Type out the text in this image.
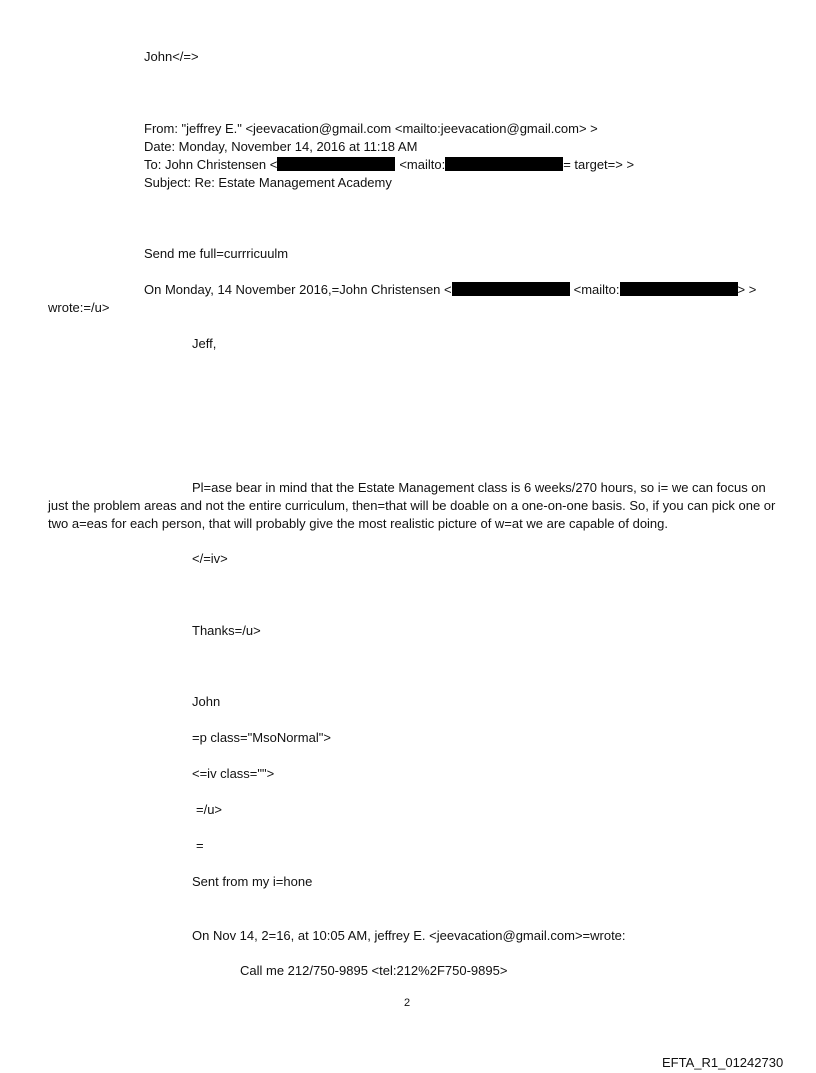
John</=>
From: "jeffrey E." <jeevacation@gmail.com <mailto:jeevacation@gmail.com> >
Date: Monday, November 14, 2016 at 11:18 AM
To: John Christensen <	<mailto:	= target=> >
Subject: Re: Estate Management Academy
Send me full=currricuulm
On Monday, 14 November 2016,=John Christensen <	<mailto:	> >
wrote:=/u>
Jeff,
Pl=ase bear in mind that the Estate Management class is 6 weeks/270 hours, so i= we can focus on just the problem areas and not the entire curriculum, then=that will be doable on a one-on-one basis. So, if you can pick one or two a=eas for each person, that will probably give the most realistic picture of w=at we are capable of doing.
</=iv>
Thanks=/u>
John
=p class="MsoNormal">
<=iv class="">
=/u>
=
Sent from my i=hone
On Nov 14, 2=16, at 10:05 AM, jeffrey E. <jeevacation@gmail.com>=wrote:
Call me 212/750-9895 <tel:212%2F750-9895>
2
EFTA_R1_01242730
